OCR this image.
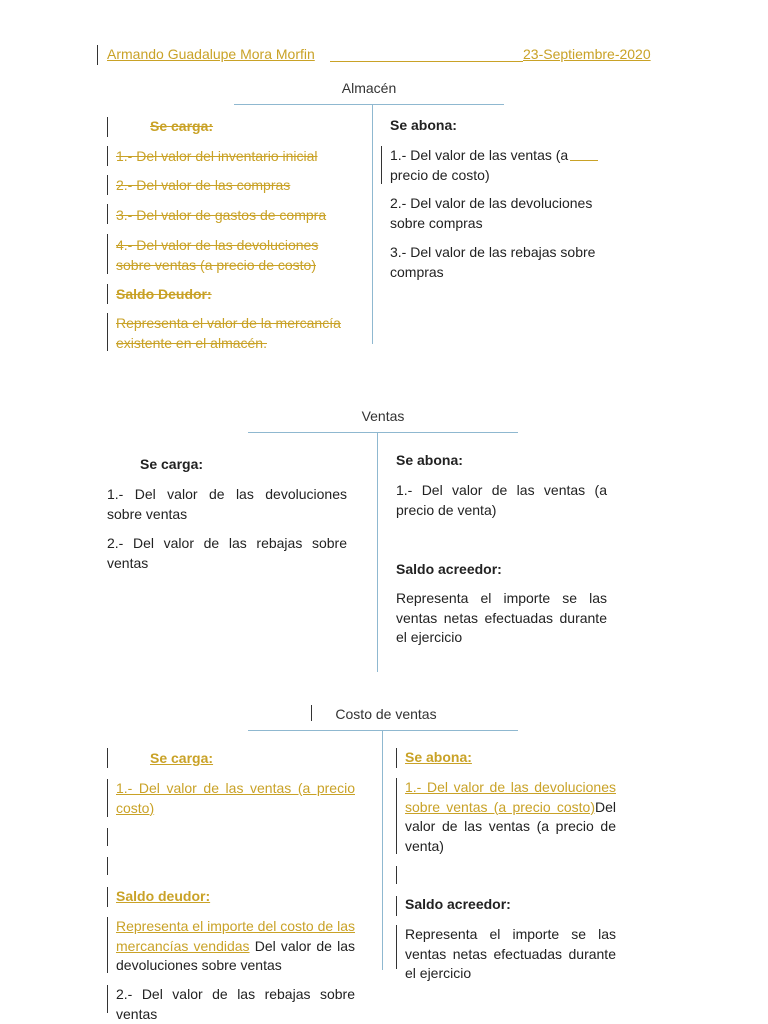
Armando Guadalupe Mora Morfin	23-Septiembre-2020
Almacén
Se carga:
1.- Del valor del inventario inicial
2.- Del valor de las compras
3.- Del valor de gastos de compra
4.- Del valor de las devoluciones sobre ventas (a precio de costo)
Saldo Deudor:
Representa el valor de la mercancía existente en el almacén.
Se abona:
1.- Del valor de las ventas (a precio de costo)
2.- Del valor de las devoluciones sobre compras
3.- Del valor de las rebajas sobre compras
Ventas
Se carga:
1.- Del valor de las devoluciones sobre ventas
2.- Del valor de las rebajas sobre ventas
Se abona:
1.- Del valor de las ventas (a precio de venta)
Saldo acreedor:
Representa el importe se las ventas netas efectuadas durante el ejercicio
Costo de ventas
Se carga:
1.- Del valor de las ventas (a precio costo)
Saldo deudor:
Representa el importe del costo de las mercancías vendidas Del valor de las devoluciones sobre ventas
2.- Del valor de las rebajas sobre ventas
Se abona:
1.- Del valor de las devoluciones sobre ventas (a precio costo)Del valor de las ventas (a precio de venta)
Saldo acreedor:
Representa el importe se las ventas netas efectuadas durante el ejercicio
